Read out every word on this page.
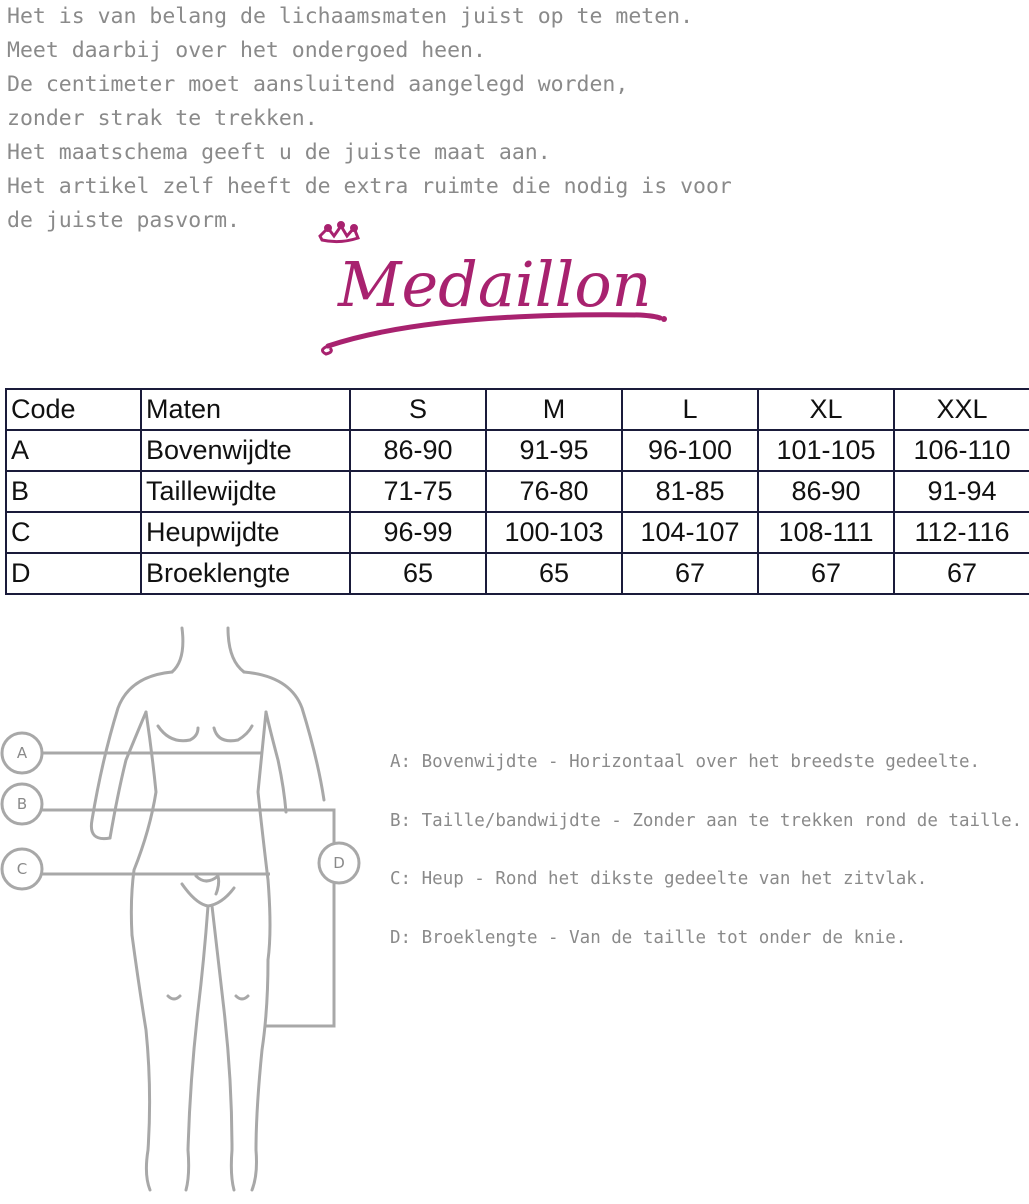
Het is van belang de lichaamsmaten juist op te meten.
Meet daarbij over het ondergoed heen.
De centimeter moet aansluitend aangelegd worden,
zonder strak te trekken.
Het maatschema geeft u de juiste maat aan.
Het artikel zelf heeft de extra ruimte die nodig is voor
de juiste pasvorm.
Medaillon
Code	Maten	S	M	L	XL	XXL
A	Bovenwijdte	86-90	91-95	96-100	101-105	106-110
B	Taillewijdte	71-75	76-80	81-85	86-90	91-94
C	Heupwijdte	96-99	100-103	104-107	108-111	112-116
D	Broeklengte	65	65	67	67	67
A
B
C	D
A: Bovenwijdte - Horizontaal over het breedste gedeelte.
B: Taille/bandwijdte - Zonder aan te trekken rond de taille.
C: Heup - Rond het dikste gedeelte van het zitvlak.
D: Broeklengte - Van de taille tot onder de knie.
